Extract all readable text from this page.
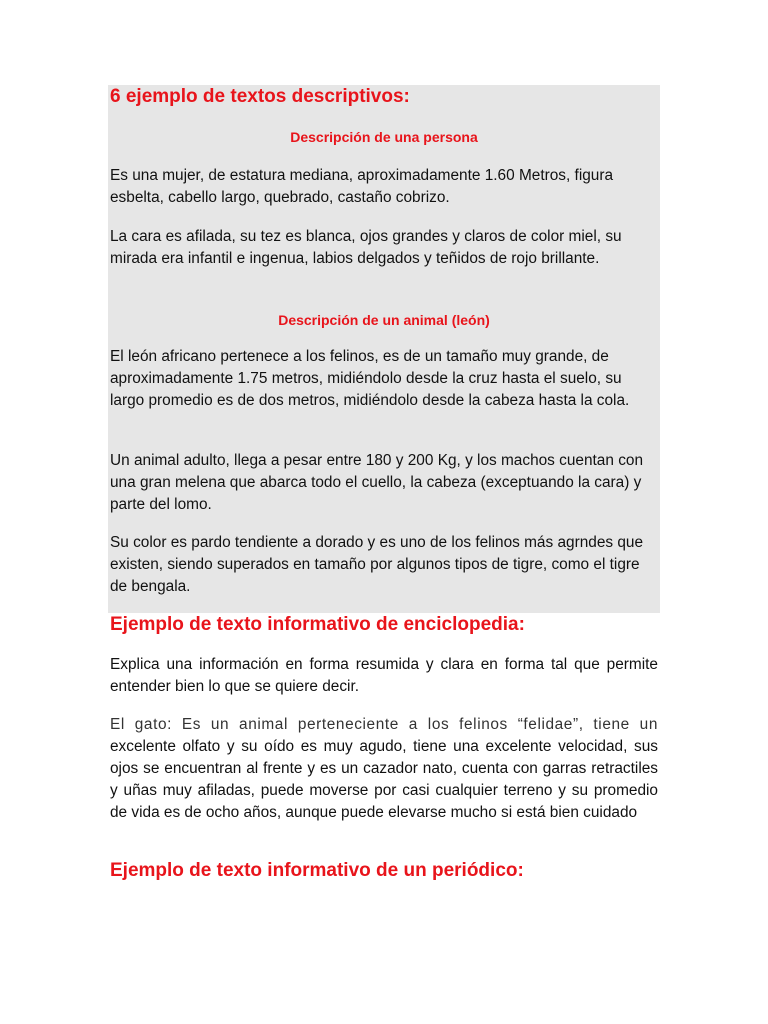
6 ejemplo de textos descriptivos:
Descripción de una persona

Es una mujer, de estatura mediana, aproximadamente 1.60 Metros, figura esbelta, cabello largo, quebrado, castaño cobrizo.

La cara es afilada, su tez es blanca, ojos grandes y claros de color miel, su mirada era infantil e ingenua, labios delgados y teñidos de rojo brillante.

Descripción de un animal (león)

El león africano pertenece a los felinos, es de un tamaño muy grande, de aproximadamente 1.75 metros, midiéndolo desde la cruz hasta el suelo, su largo promedio es de dos metros, midiéndolo desde la cabeza hasta la cola.

Un animal adulto, llega a pesar entre 180 y 200 Kg, y los machos cuentan con una gran melena que abarca todo el cuello, la cabeza (exceptuando la cara) y parte del lomo.

Su color es pardo tendiente a dorado y es uno de los felinos más agrndes que existen, siendo superados en tamaño por algunos tipos de tigre, como el tigre de bengala.

Ejemplo de texto informativo de enciclopedia:

Explica una información en forma resumida y clara en forma tal que permite entender bien lo que se quiere decir.

El gato: Es un animal perteneciente a los felinos “felidae”, tiene un excelente olfato y su oído es muy agudo, tiene una excelente velocidad, sus ojos se encuentran al frente y es un cazador nato, cuenta con garras retractiles y uñas muy afiladas, puede moverse por casi cualquier terreno y su promedio de vida es de ocho años, aunque puede elevarse mucho si está bien cuidado
Ejemplo de texto informativo de un periódico:
